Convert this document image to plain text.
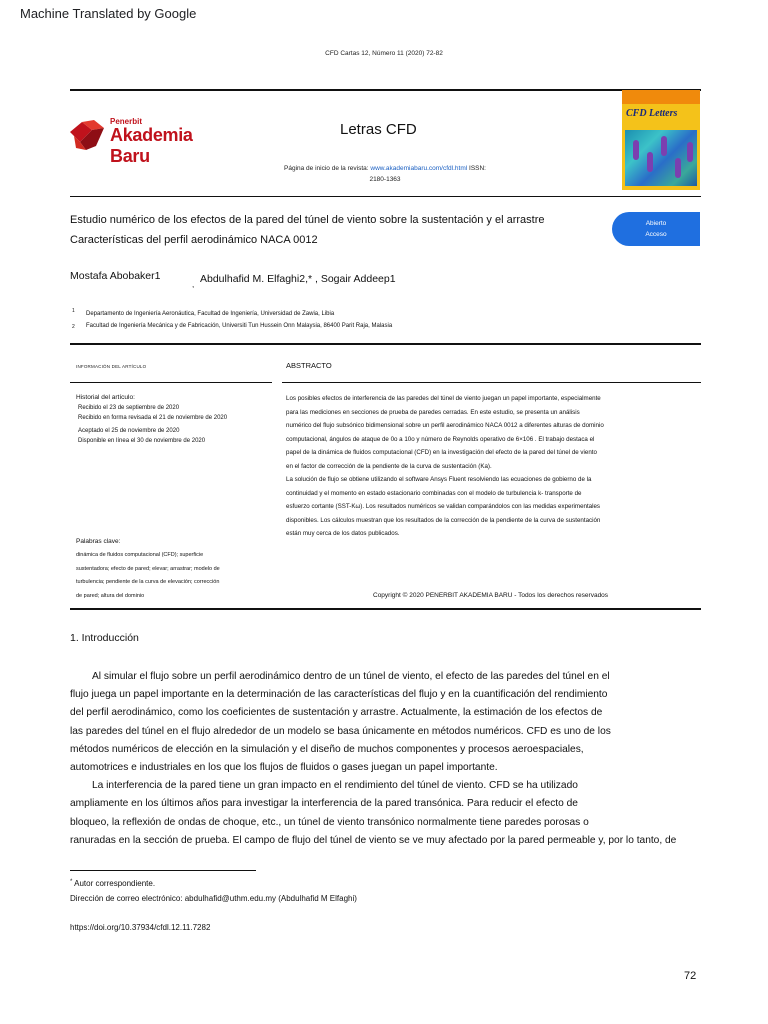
Machine Translated by Google
CFD Cartas 12, Número 11 (2020) 72-82
Penerbit
Akademia Baru
Letras CFD
Página de inicio de la revista: www.akademiabaru.com/cfdl.html ISSN:
2180-1363
CFD Letters
Estudio numérico de los efectos de la pared del túnel de viento sobre la sustentación y el arrastre
Características del perfil aerodinámico NACA 0012
Abierto
Acceso
Mostafa Abobaker1
, Abdulhafid M. Elfaghi2,* , Sogair Addeep1
1 Departamento de Ingeniería Aeronáutica, Facultad de Ingeniería, Universidad de Zawia, Libia
2 Facultad de Ingeniería Mecánica y de Fabricación, Universiti Tun Hussein Onn Malaysia, 86400 Parit Raja, Malasia
INFORMACIÓN DEL ARTÍCULO	ABSTRACTO
Historial del artículo:
Recibido el 23 de septiembre de 2020
Recibido en forma revisada el 21 de noviembre de 2020
Aceptado el 25 de noviembre de 2020
Disponible en línea el 30 de noviembre de 2020
Palabras clave:
dinámica de fluidos computacional (CFD); superficie
sustentadora; efecto de pared; elevar; arrastrar; modelo de
turbulencia; pendiente de la curva de elevación; corrección
de pared; altura del dominio
Los posibles efectos de interferencia de las paredes del túnel de viento juegan un papel importante, especialmente
para las mediciones en secciones de prueba de paredes cerradas. En este estudio, se presenta un análisis
numérico del flujo subsónico bidimensional sobre un perfil aerodinámico NACA 0012 a diferentes alturas de dominio
computacional, ángulos de ataque de 0o a 10o y número de Reynolds operativo de 6×106 . El trabajo destaca el
papel de la dinámica de fluidos computacional (CFD) en la investigación del efecto de la pared del túnel de viento
en el factor de corrección de la pendiente de la curva de sustentación (Ka).
La solución de flujo se obtiene utilizando el software Ansys Fluent resolviendo las ecuaciones de gobierno de la
continuidad y el momento en estado estacionario combinadas con el modelo de turbulencia k- transporte de
esfuerzo cortante (SST-Kω). Los resultados numéricos se validan comparándolos con las medidas experimentales
disponibles. Los cálculos muestran que los resultados de la corrección de la pendiente de la curva de sustentación
están muy cerca de los datos publicados.
Copyright © 2020 PENERBIT AKADEMIA BARU - Todos los derechos reservados
1. Introducción
Al simular el flujo sobre un perfil aerodinámico dentro de un túnel de viento, el efecto de las paredes del túnel en el
flujo juega un papel importante en la determinación de las características del flujo y en la cuantificación del rendimiento
del perfil aerodinámico, como los coeficientes de sustentación y arrastre. Actualmente, la estimación de los efectos de
las paredes del túnel en el flujo alrededor de un modelo se basa únicamente en métodos numéricos. CFD es uno de los
métodos numéricos de elección en la simulación y el diseño de muchos componentes y procesos aeroespaciales,
automotrices e industriales en los que los flujos de fluidos o gases juegan un papel importante.
La interferencia de la pared tiene un gran impacto en el rendimiento del túnel de viento. CFD se ha utilizado
ampliamente en los últimos años para investigar la interferencia de la pared transónica. Para reducir el efecto de
bloqueo, la reflexión de ondas de choque, etc., un túnel de viento transónico normalmente tiene paredes porosas o
ranuradas en la sección de prueba. El campo de flujo del túnel de viento se ve muy afectado por la pared permeable y, por lo tanto, de
* Autor correspondiente.
Dirección de correo electrónico: abdulhafid@uthm.edu.my (Abdulhafid M Elfaghi)
https://doi.org/10.37934/cfdl.12.11.7282
72
